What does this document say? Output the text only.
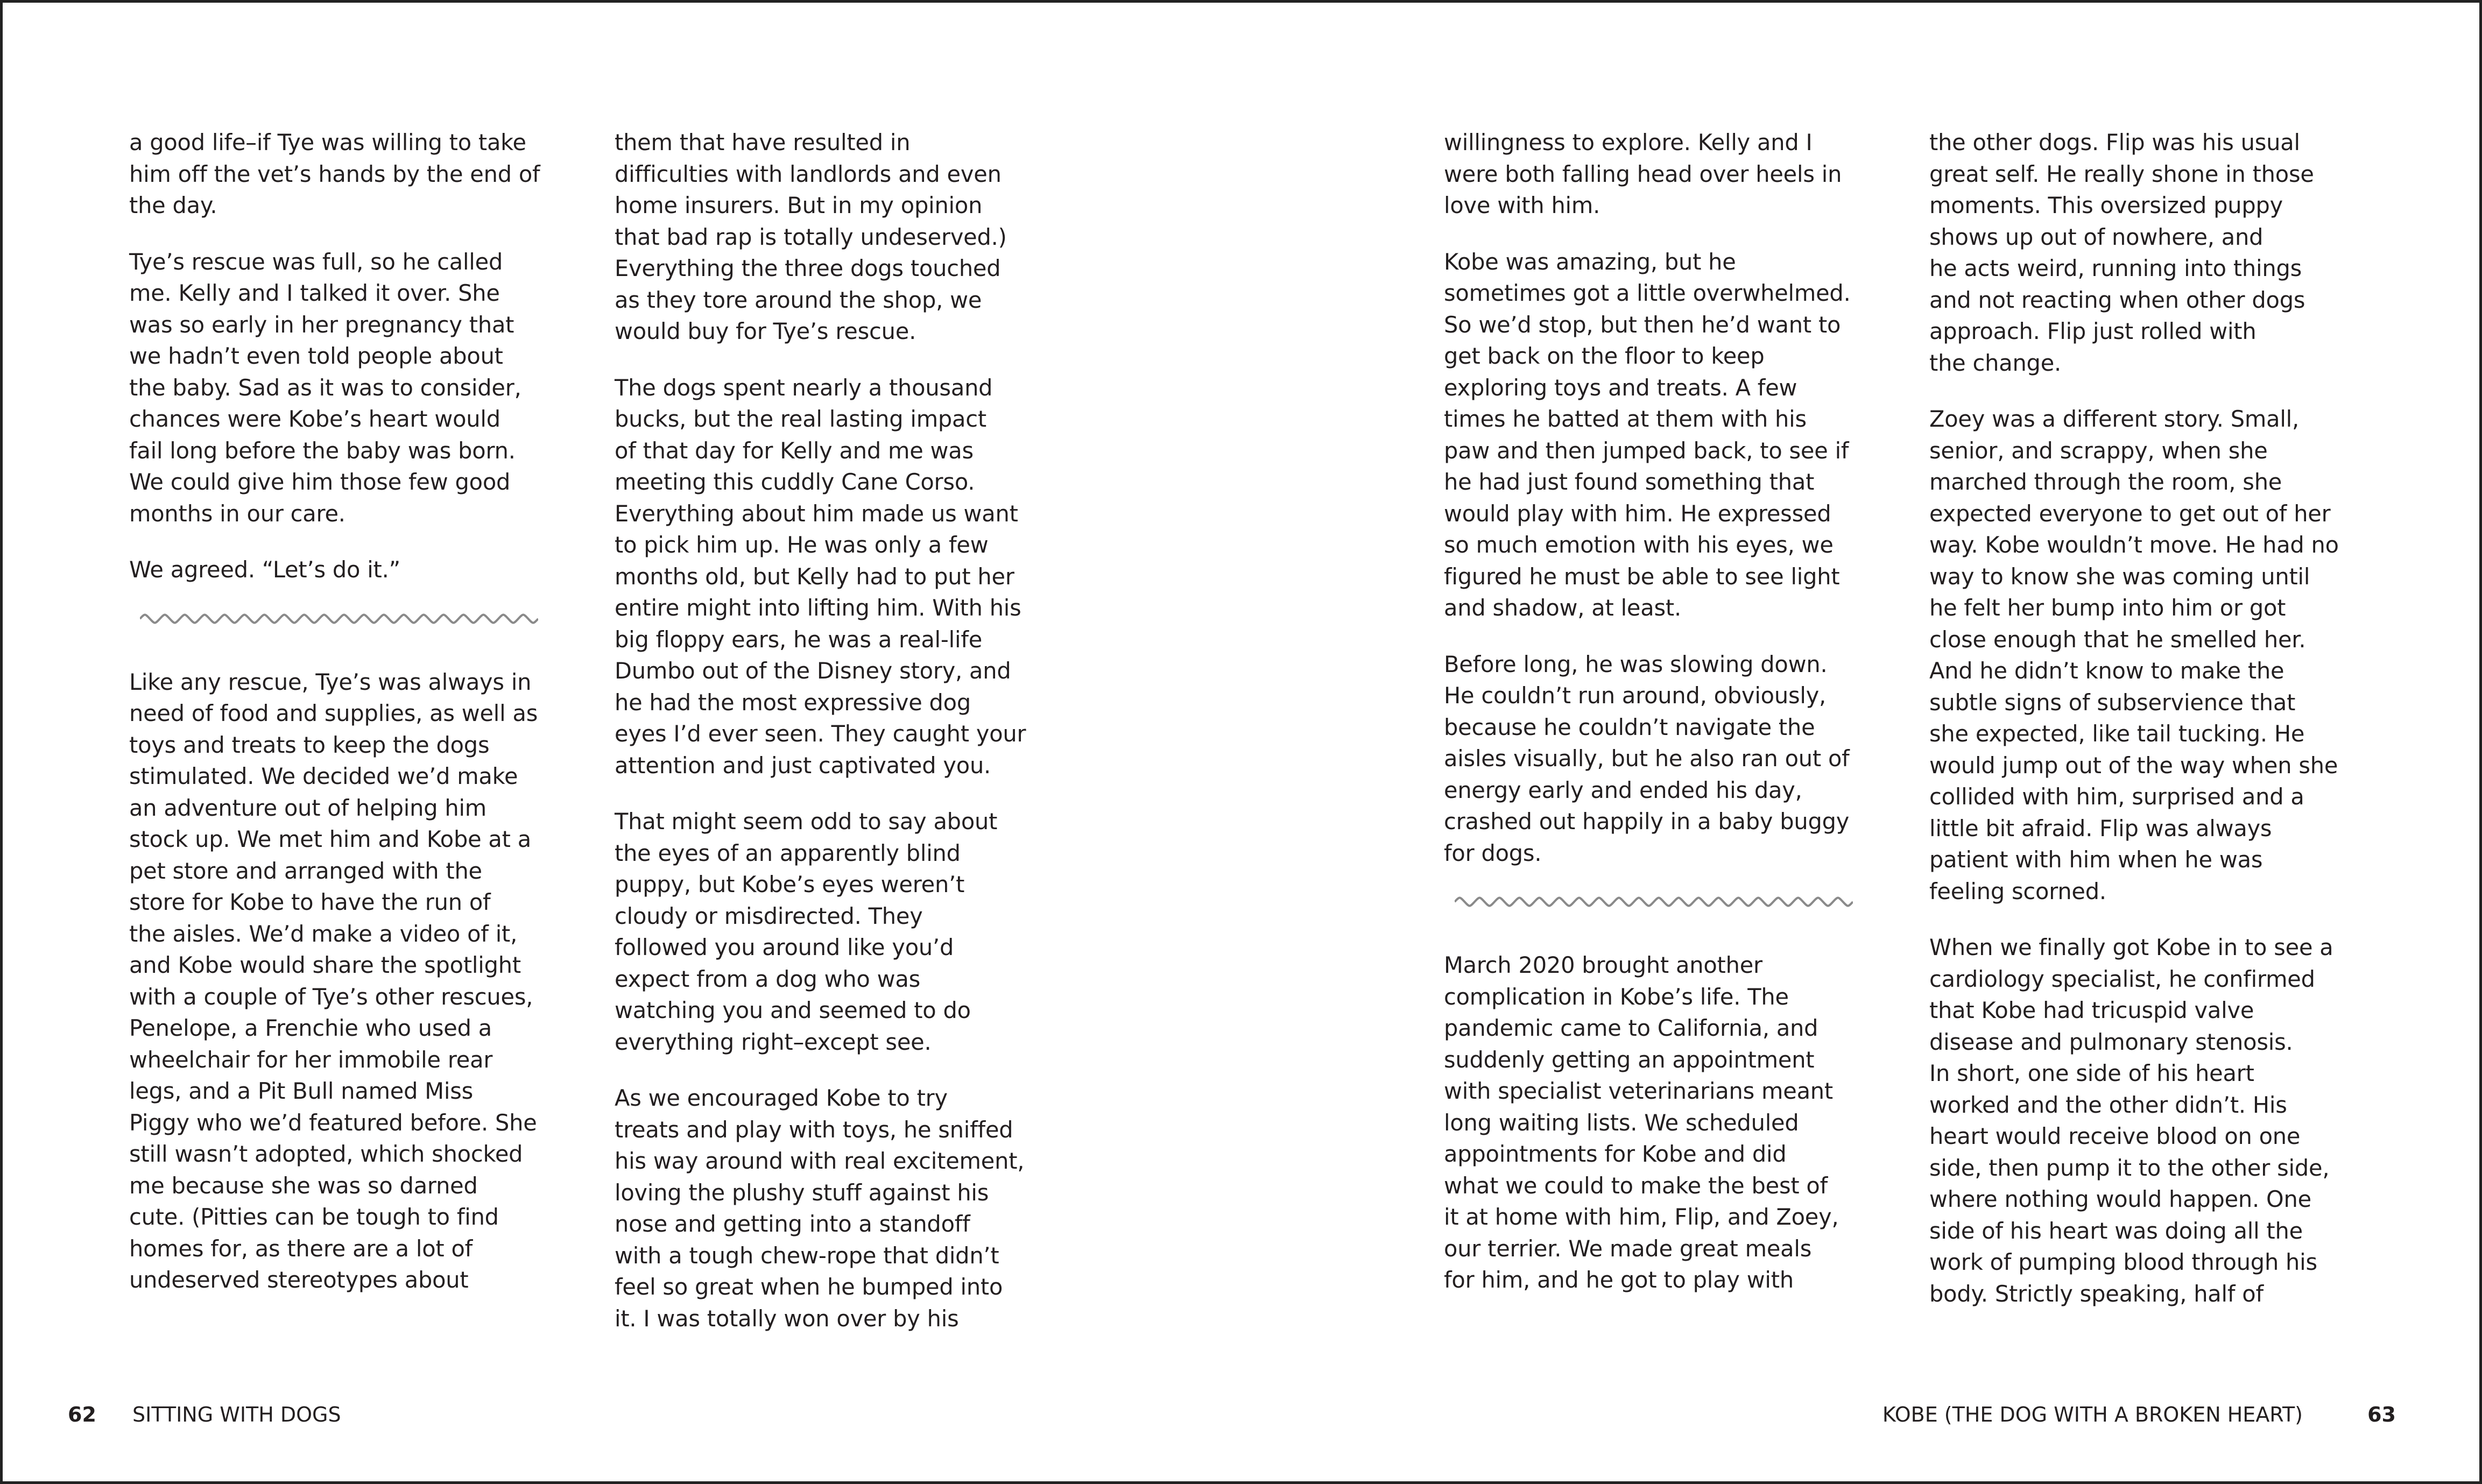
a good life–if Tye was willing to take
him off the vet’s hands by the end of
the day.

Tye’s rescue was full, so he called
me. Kelly and I talked it over. She
was so early in her pregnancy that
we hadn’t even told people about
the baby. Sad as it was to consider,
chances were Kobe’s heart would
fail long before the baby was born.
We could give him those few good
months in our care.

We agreed. “Let’s do it.”

Like any rescue, Tye’s was always in
need of food and supplies, as well as
toys and treats to keep the dogs
stimulated. We decided we’d make
an adventure out of helping him
stock up. We met him and Kobe at a
pet store and arranged with the
store for Kobe to have the run of
the aisles. We’d make a video of it,
and Kobe would share the spotlight
with a couple of Tye’s other rescues,
Penelope, a Frenchie who used a
wheelchair for her immobile rear
legs, and a Pit Bull named Miss
Piggy who we’d featured before. She
still wasn’t adopted, which shocked
me because she was so darned
cute. (Pitties can be tough to find
homes for, as there are a lot of
undeserved stereotypes about

them that have resulted in
difficulties with landlords and even
home insurers. But in my opinion
that bad rap is totally undeserved.)
Everything the three dogs touched
as they tore around the shop, we
would buy for Tye’s rescue.

The dogs spent nearly a thousand
bucks, but the real lasting impact
of that day for Kelly and me was
meeting this cuddly Cane Corso.
Everything about him made us want
to pick him up. He was only a few
months old, but Kelly had to put her
entire might into lifting him. With his
big floppy ears, he was a real-life
Dumbo out of the Disney story, and
he had the most expressive dog
eyes I’d ever seen. They caught your
attention and just captivated you.

That might seem odd to say about
the eyes of an apparently blind
puppy, but Kobe’s eyes weren’t
cloudy or misdirected. They
followed you around like you’d
expect from a dog who was
watching you and seemed to do
everything right–except see.

As we encouraged Kobe to try
treats and play with toys, he sniffed
his way around with real excitement,
loving the plushy stuff against his
nose and getting into a standoff
with a tough chew-rope that didn’t
feel so great when he bumped into
it. I was totally won over by his

willingness to explore. Kelly and I
were both falling head over heels in
love with him.

Kobe was amazing, but he
sometimes got a little overwhelmed.
So we’d stop, but then he’d want to
get back on the floor to keep
exploring toys and treats. A few
times he batted at them with his
paw and then jumped back, to see if
he had just found something that
would play with him. He expressed
so much emotion with his eyes, we
figured he must be able to see light
and shadow, at least.

Before long, he was slowing down.
He couldn’t run around, obviously,
because he couldn’t navigate the
aisles visually, but he also ran out of
energy early and ended his day,
crashed out happily in a baby buggy
for dogs.

March 2020 brought another
complication in Kobe’s life. The
pandemic came to California, and
suddenly getting an appointment
with specialist veterinarians meant
long waiting lists. We scheduled
appointments for Kobe and did
what we could to make the best of
it at home with him, Flip, and Zoey,
our terrier. We made great meals
for him, and he got to play with

the other dogs. Flip was his usual
great self. He really shone in those
moments. This oversized puppy
shows up out of nowhere, and
he acts weird, running into things
and not reacting when other dogs
approach. Flip just rolled with
the change.

Zoey was a different story. Small,
senior, and scrappy, when she
marched through the room, she
expected everyone to get out of her
way. Kobe wouldn’t move. He had no
way to know she was coming until
he felt her bump into him or got
close enough that he smelled her.
And he didn’t know to make the
subtle signs of subservience that
she expected, like tail tucking. He
would jump out of the way when she
collided with him, surprised and a
little bit afraid. Flip was always
patient with him when he was
feeling scorned.

When we finally got Kobe in to see a
cardiology specialist, he confirmed
that Kobe had tricuspid valve
disease and pulmonary stenosis.
In short, one side of his heart
worked and the other didn’t. His
heart would receive blood on one
side, then pump it to the other side,
where nothing would happen. One
side of his heart was doing all the
work of pumping blood through his
body. Strictly speaking, half of

62 SITTING WITH DOGS	KOBE (THE DOG WITH A BROKEN HEART)	63
